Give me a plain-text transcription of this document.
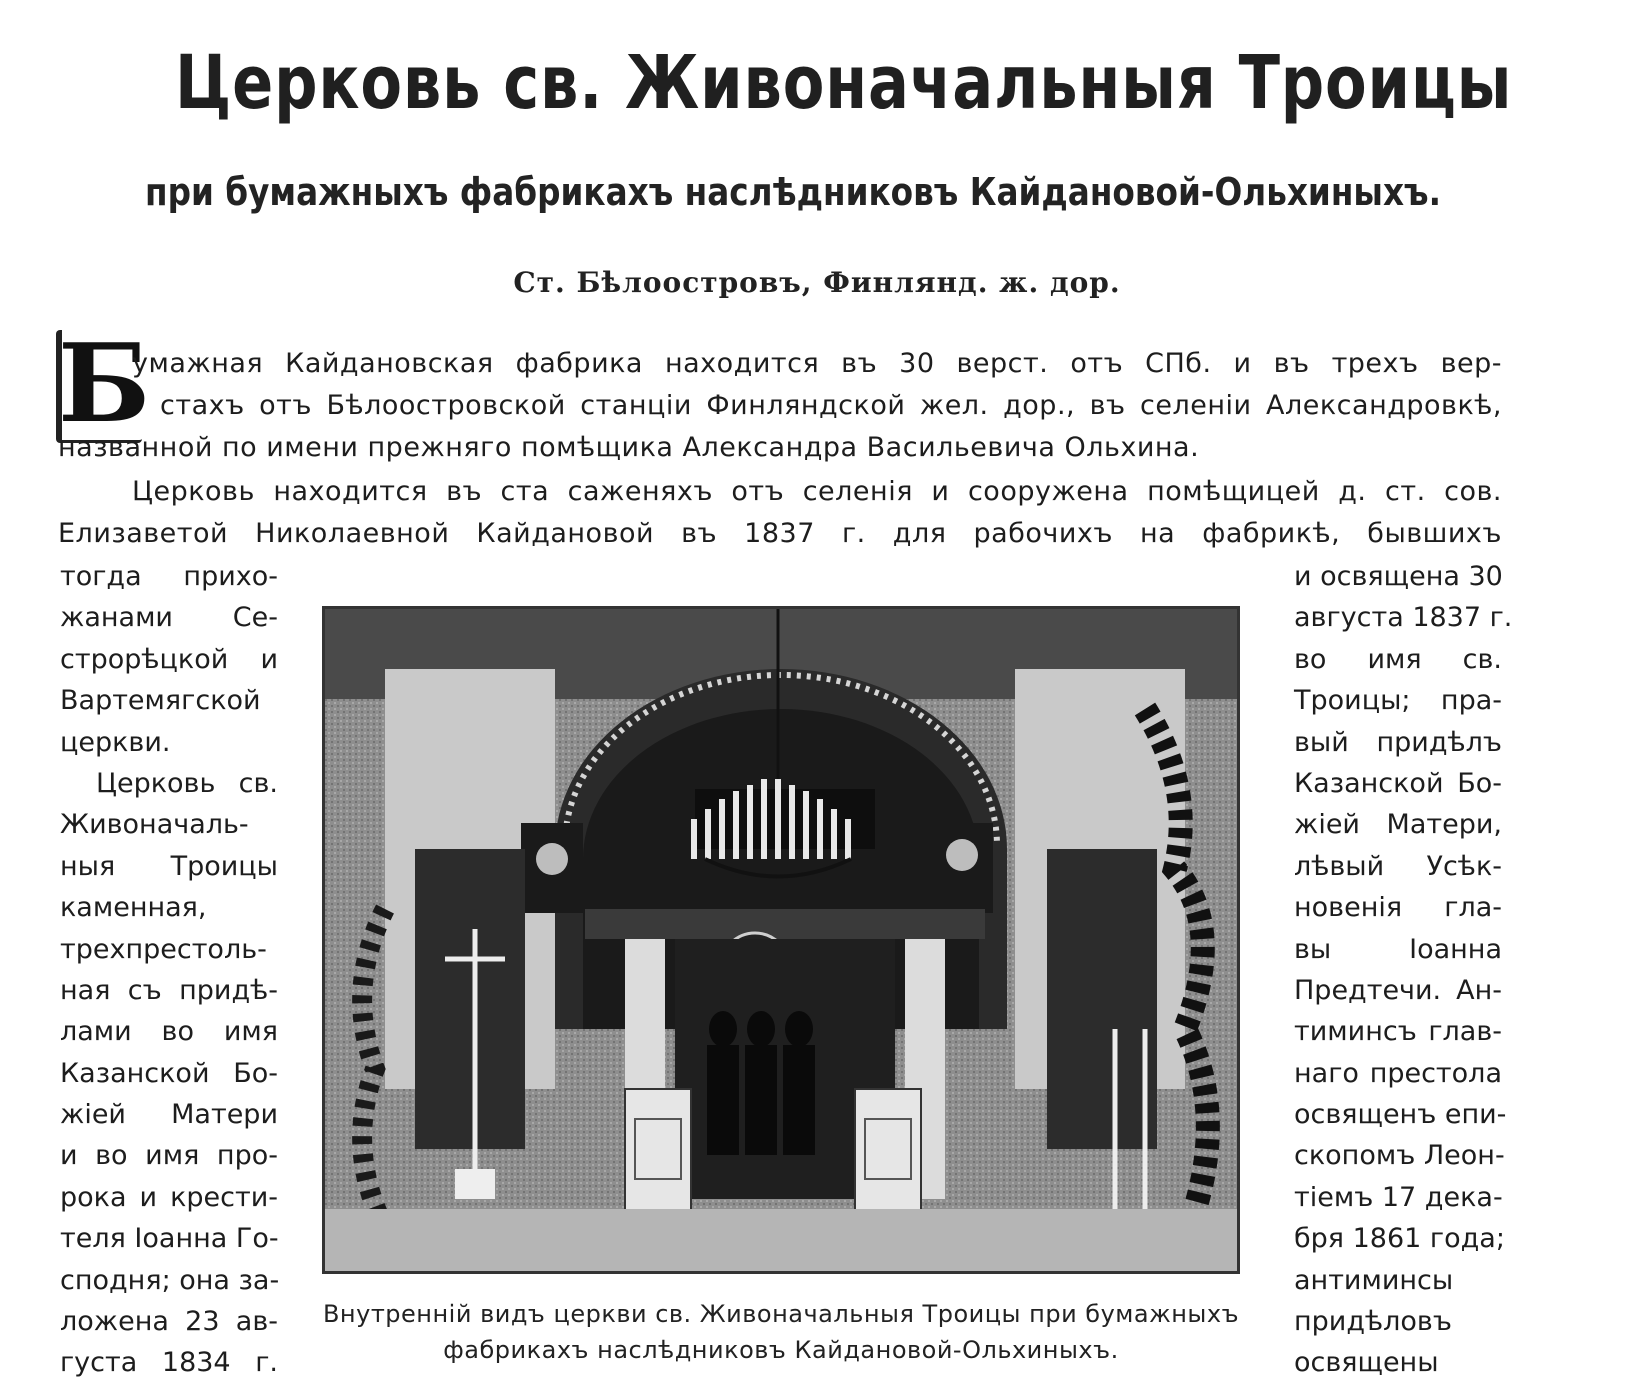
Церковь св. Живоначальныя Троицы
при бумажныхъ фабрикахъ наслѣдниковъ Кайдановой-Ольхиныхъ.
Ст. Бѣлоостровъ, Финлянд. ж. дор.
Б
умажная Кайдановская фабрика находится въ 30 верст. отъ СПб. и въ трехъ вер-
стахъ отъ Бѣлоостровской станціи Финляндской жел. дор., въ селеніи Александровкѣ,
названной по имени прежняго помѣщика Александра Васильевича Ольхина.
Церковь находится въ ста саженяхъ отъ селенія и сооружена помѣщицей д. ст. сов.
Елизаветой Николаевной Кайдановой въ 1837 г. для рабочихъ на фабрикѣ, бывшихъ
тогда прихо-
жанами Се-
строрѣцкой и
Вартемягской
церкви.
Церковь св.
Живоначаль-
ныя Троицы
каменная,
трехпрестоль-
ная съ придѣ-
лами во имя
Казанской Бо-
жіей Матери
и во имя про-
рока и крести-
теля Іоанна Го-
сподня; она за-
ложена 23 ав-
густа 1834 г.
Внутренній видъ церкви св. Живоначальныя Троицы при бумажныхъ
фабрикахъ наслѣдниковъ Кайдановой-Ольхиныхъ.
и освящена 30
августа 1837 г.
во имя св.
Троицы; пра-
вый придѣлъ
Казанской Бо-
жіей Матери,
лѣвый Усѣк-
новенія гла-
вы Іоанна
Предтечи. Ан-
тиминсъ глав-
наго престола
освященъ епи-
скопомъ Леон-
тіемъ 17 дека-
бря 1861 года;
антиминсы
придѣловъ
освящены
